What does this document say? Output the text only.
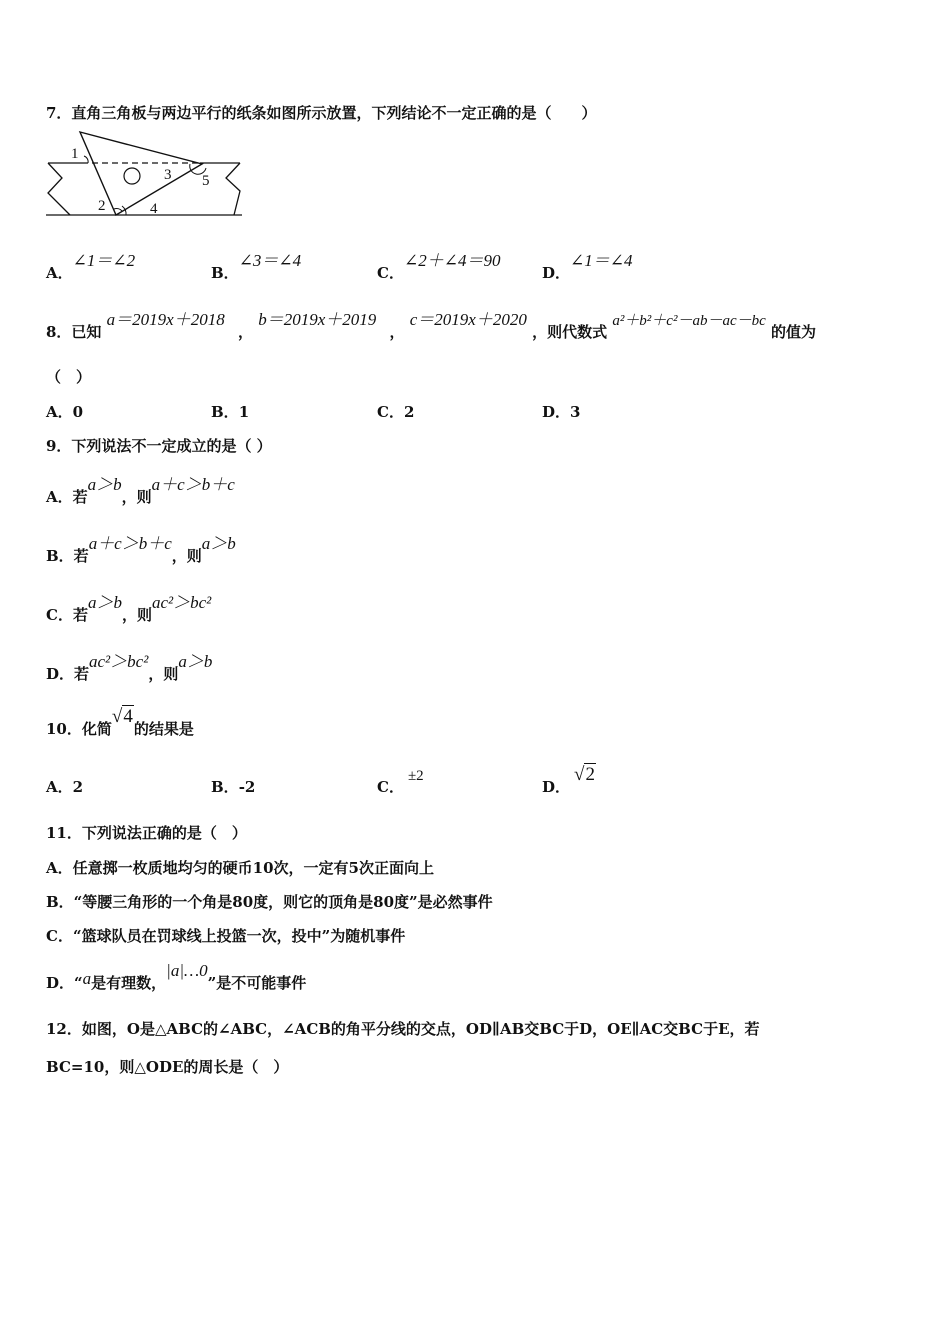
7．直角三角板与两边平行的纸条如图所示放置，下列结论不一定正确的是（　　）
1
2
3
4
5
A．∠1＝∠2
B．∠3＝∠4
C．∠2＋∠4＝90
D．∠1＝∠4
8．已知 a＝2019x＋2018 ， b＝2019x＋2019 ， c＝2019x＋2020 ，则代数式 a²＋b²＋c²－ab－ac－bc 的值为
（　）
A．0	B．1	C．2	D．3
9．下列说法不一定成立的是（ ）
A．若a＞b，则a＋c＞b＋c
B．若a＋c＞b＋c，则a＞b
C．若a＞b，则ac²＞bc²
D．若ac²＞bc²，则a＞b
10．化简√4的结果是
A．2	B．-2	C．±2
D．√2
11．下列说法正确的是（　）
A．任意掷一枚质地均匀的硬币10次，一定有5次正面向上
B．“等腰三角形的一个角是80度，则它的顶角是80度”是必然事件
C．“篮球队员在罚球线上投篮一次，投中”为随机事件
D．“a是有理数，|a|…0”是不可能事件
12．如图，O是△ABC的∠ABC，∠ACB的角平分线的交点，OD∥AB交BC于D，OE∥AC交BC于E，若
BC=10，则△ODE的周长是（　）
